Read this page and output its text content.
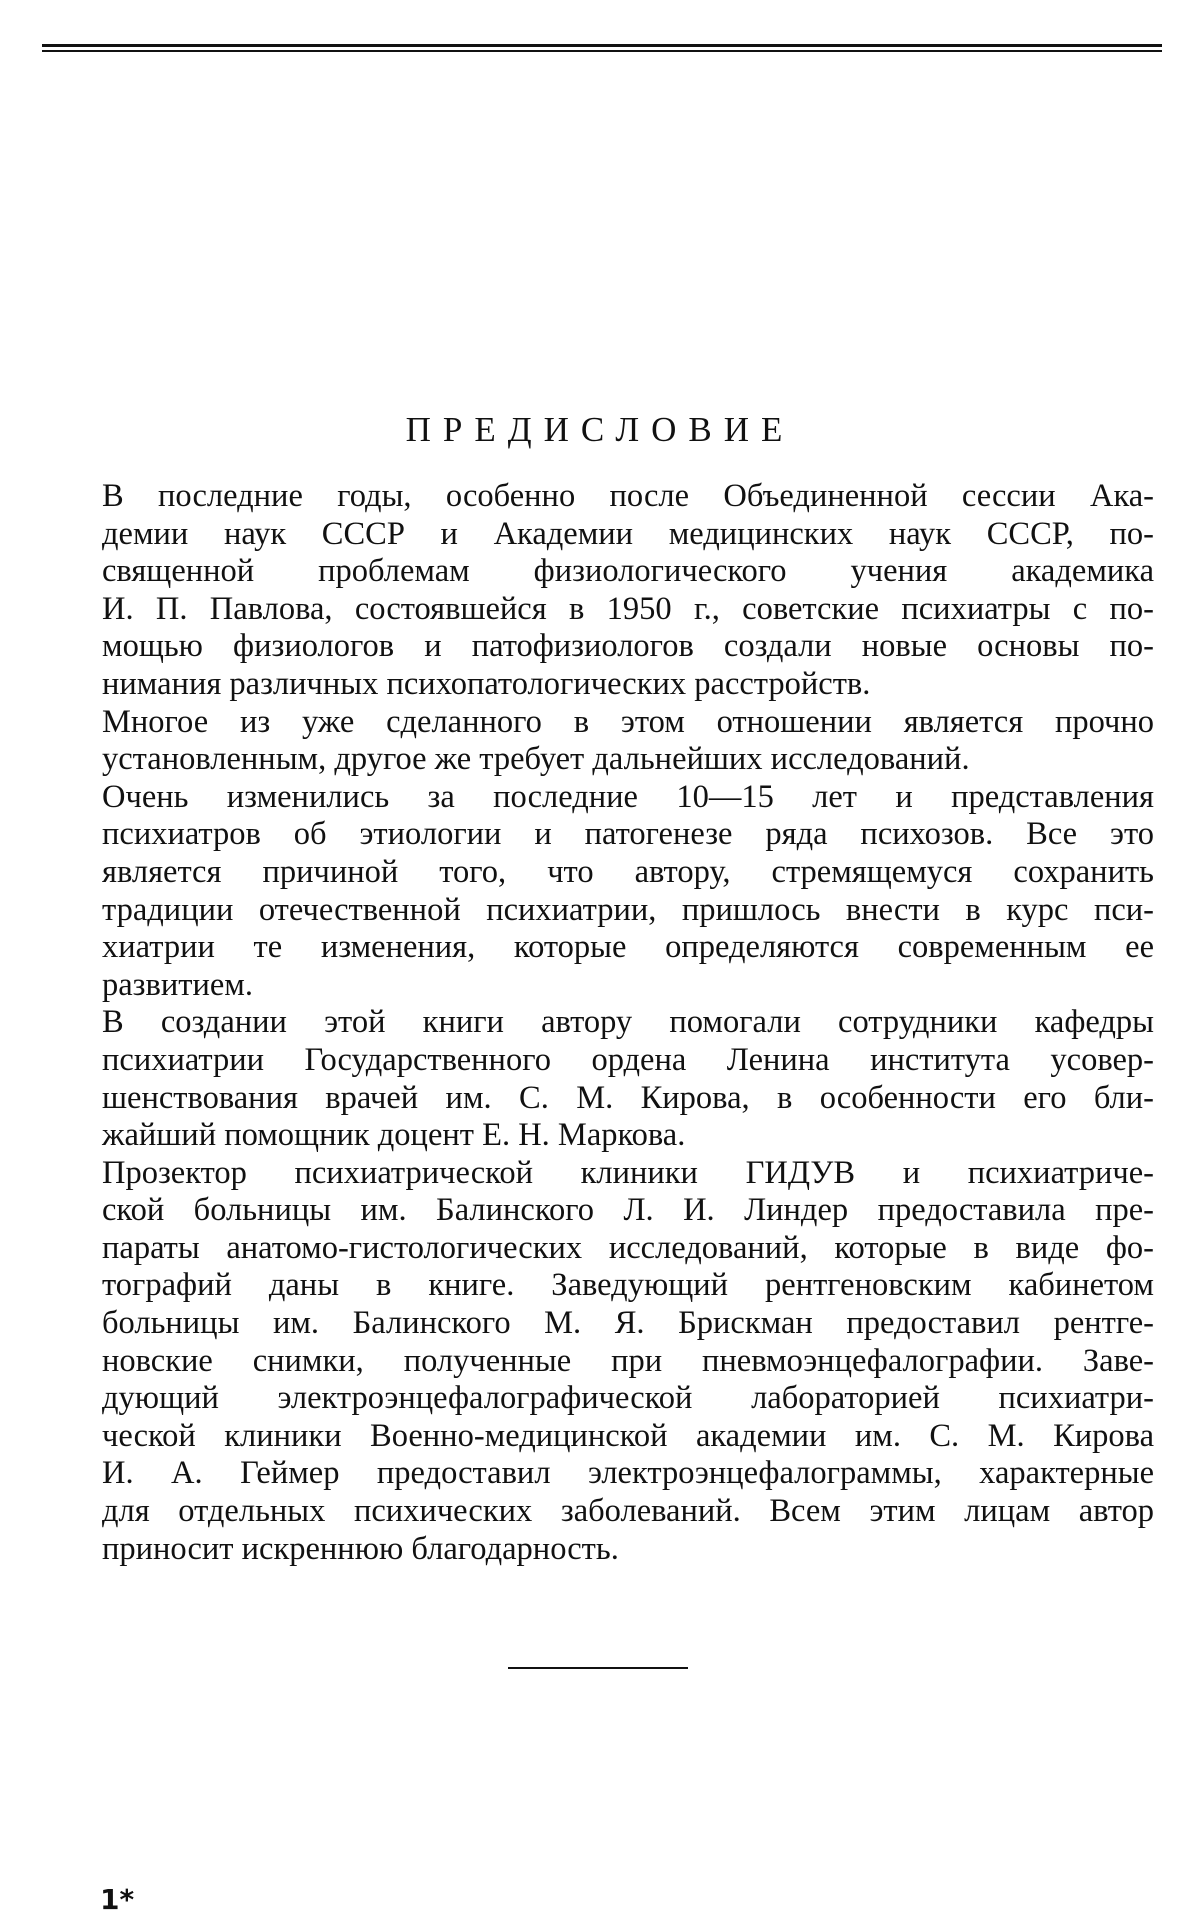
ПРЕДИСЛОВИЕ
В последние годы, особенно после Объединенной сессии Ака-
демии наук СССР и Академии медицинских наук СССР, по-
священной проблемам физиологического учения академика
И. П. Павлова, состоявшейся в 1950 г., советские психиатры с по-
мощью физиологов и патофизиологов создали новые основы по-
нимания различных психопатологических расстройств.
Многое из уже сделанного в этом отношении является прочно
установленным, другое же требует дальнейших исследований.
Очень изменились за последние 10—15 лет и представления
психиатров об этиологии и патогенезе ряда психозов. Все это
является причиной того, что автору, стремящемуся сохранить
традиции отечественной психиатрии, пришлось внести в курс пси-
хиатрии те изменения, которые определяются современным ее
развитием.
В создании этой книги автору помогали сотрудники кафедры
психиатрии Государственного ордена Ленина института усовер-
шенствования врачей им. С. М. Кирова, в особенности его бли-
жайший помощник доцент Е. Н. Маркова.
Прозектор психиатрической клиники ГИДУВ и психиатриче-
ской больницы им. Балинского Л. И. Линдер предоставила пре-
параты анатомо-гистологических исследований, которые в виде фо-
тографий даны в книге. Заведующий рентгеновским кабинетом
больницы им. Балинского М. Я. Брискман предоставил рентге-
новские снимки, полученные при пневмоэнцефалографии. Заве-
дующий электроэнцефалографической лабораторией психиатри-
ческой клиники Военно-медицинской академии им. С. М. Кирова
И. А. Геймер предоставил электроэнцефалограммы, характерные
для отдельных психических заболеваний. Всем этим лицам автор
приносит искреннюю благодарность.
1*
